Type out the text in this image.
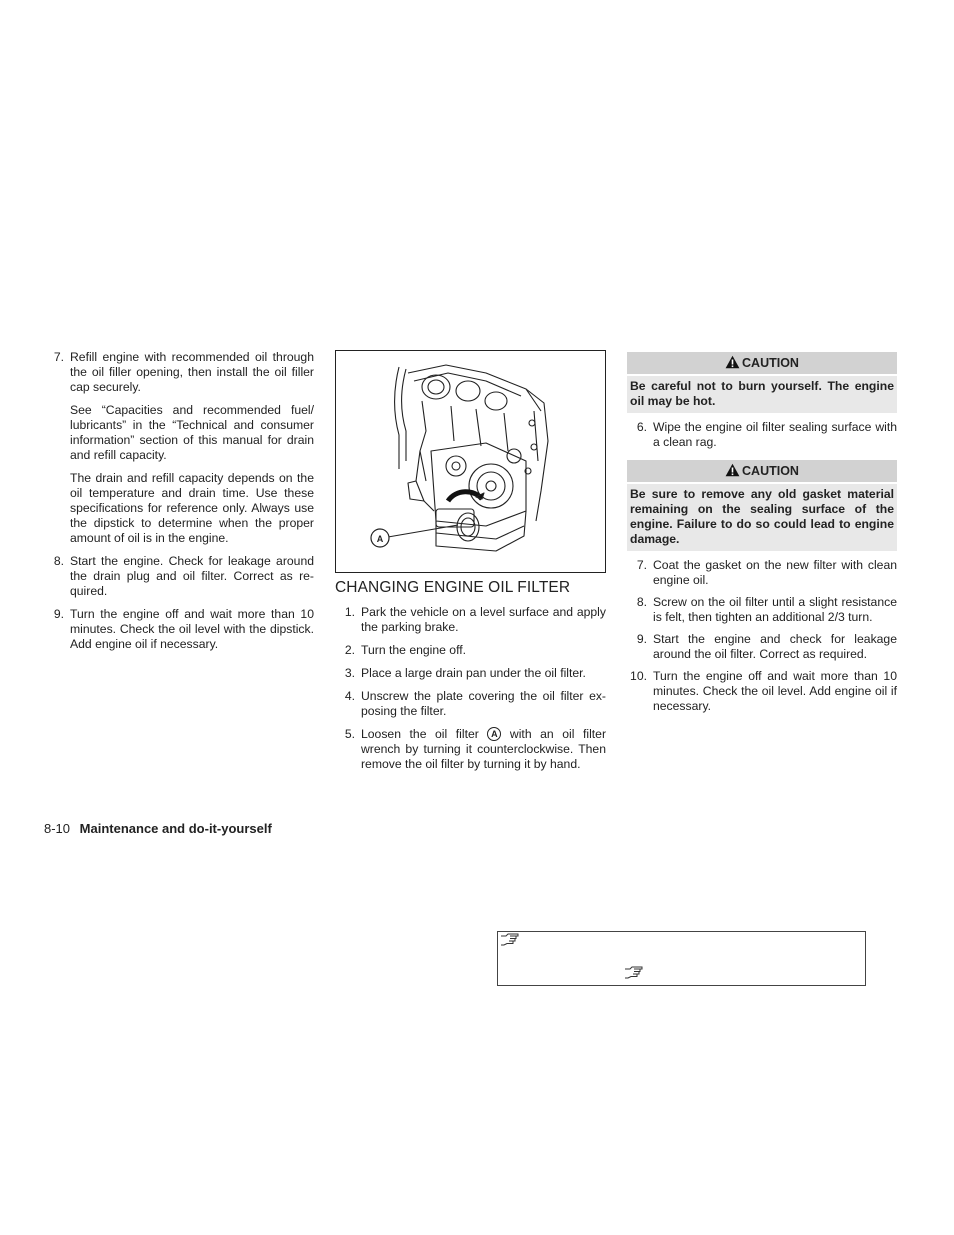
7. Refill engine with recommended oil through the oil filler opening, then install the oil filler cap securely.
See “Capacities and recommended fuel/ lubricants” in the “Technical and consumer information” section of this manual for drain and refill capacity.
The drain and refill capacity depends on the oil temperature and drain time. Use these specifications for reference only. Always use the dipstick to determine when the proper amount of oil is in the engine.
8. Start the engine. Check for leakage around the drain plug and oil filter. Correct as re- quired.
9. Turn the engine off and wait more than 10 minutes. Check the oil level with the dipstick. Add engine oil if necessary.
A
CHANGING ENGINE OIL FILTER
1. Park the vehicle on a level surface and apply the parking brake.
2. Turn the engine off.
3. Place a large drain pan under the oil filter.
4. Unscrew the plate covering the oil filter ex- posing the filter.
5. Loosen the oil filter A with an oil filter wrench by turning it counterclockwise. Then remove the oil filter by turning it by hand.
CAUTION
Be careful not to burn yourself. The engine oil may be hot.
6. Wipe the engine oil filter sealing surface with a clean rag.
CAUTION
Be sure to remove any old gasket material remaining on the sealing surface of the engine. Failure to do so could lead to engine damage.
7. Coat the gasket on the new filter with clean engine oil.
8. Screw on the oil filter until a slight resistance is felt, then tighten an additional 2/3 turn.
9. Start the engine and check for leakage around the oil filter. Correct as required.
10. Turn the engine off and wait more than 10 minutes. Check the oil level. Add engine oil if necessary.
8-10 Maintenance and do-it-yourself
